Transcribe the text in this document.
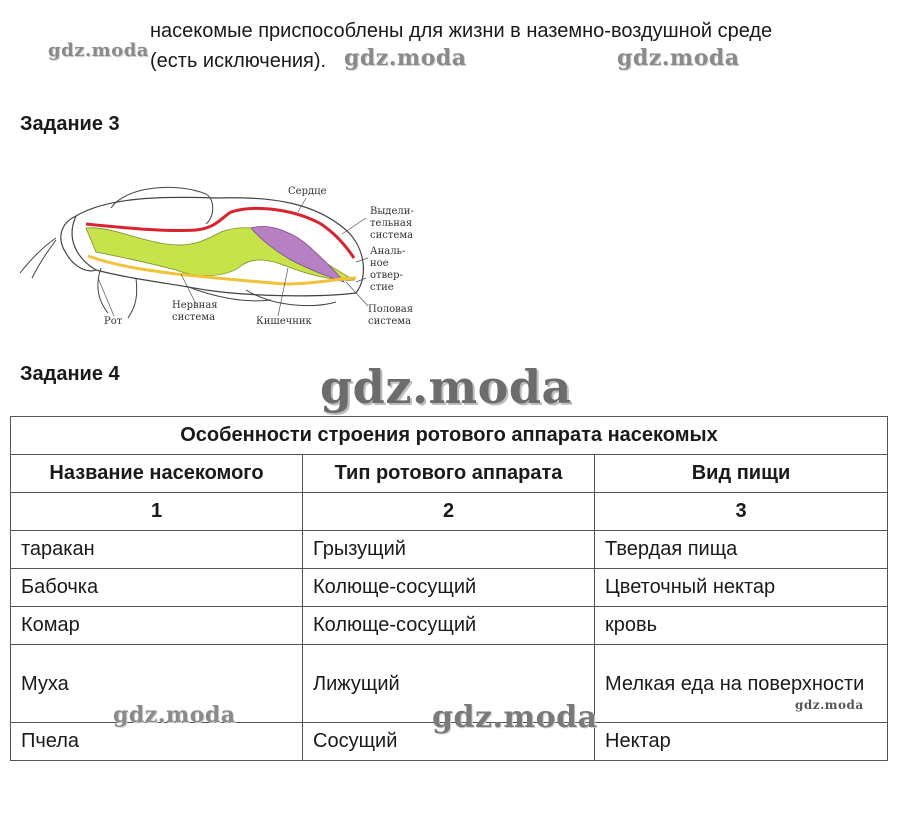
насекомые приспособлены для жизни в наземно-воздушной среде
(есть исключения).
Задание 3
Сердце
Выдели-
тельная
система
Аналь-
ное
отвер-
стие
Рот
Нервная
система	Кишечник
Половая
система
Задание 4
Особенности строения ротового аппарата насекомых		
Название насекомого	Тип ротового аппарата	Вид пищи
1	2	3
таракан	Грызущий	Твердая пища
Бабочка	Колюще-сосущий	Цветочный нектар
Комар	Колюще-сосущий	кровь
Муха	Лижущий	Мелкая еда на поверхности
Пчела	Сосущий	Нектар
gdz.moda	gdz.moda	gdz.moda
gdz.moda
gdz.moda	gdz.moda	gdz.moda
